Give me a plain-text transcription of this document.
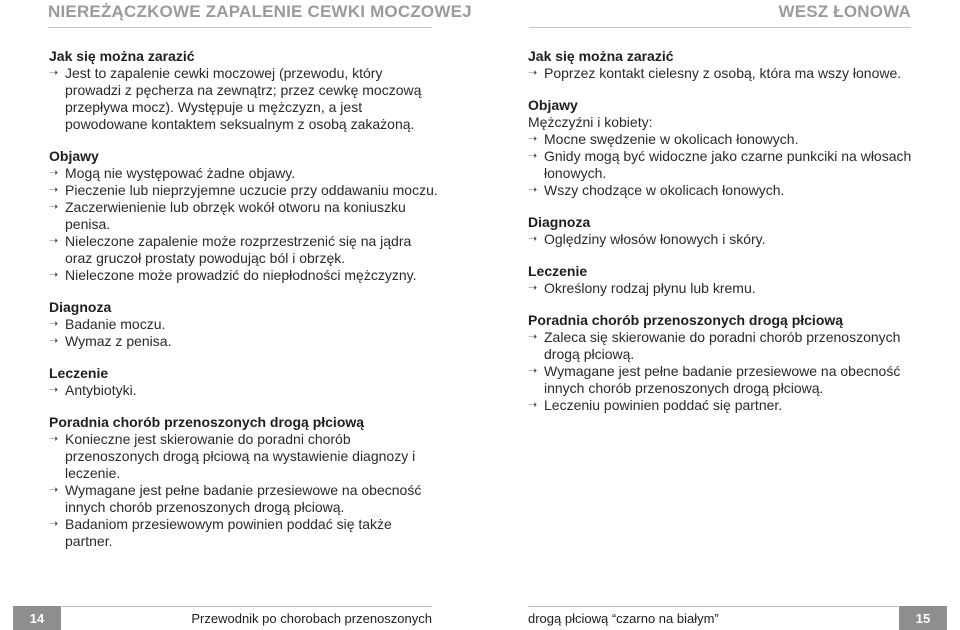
NIEREŻĄCZKOWE ZAPALENIE CEWKI MOCZOWEJ
Jak się można zarazić
➝ Jest to zapalenie cewki moczowej (przewodu, który prowadzi z pęcherza na zewnątrz; przez cewkę moczową przepływa mocz). Występuje u mężczyzn, a jest powodowane kontaktem seksualnym z osobą zakażoną.
Objawy
➝ Mogą nie występować żadne objawy.
➝ Pieczenie lub nieprzyjemne uczucie przy oddawaniu moczu.
➝ Zaczerwienienie lub obrzęk wokół otworu na koniuszku penisa.
➝ Nieleczone zapalenie może rozprzestrzenić się na jądra oraz gruczoł prostaty powodując ból i obrzęk.
➝ Nieleczone może prowadzić do niepłodności mężczyzny.
Diagnoza
➝ Badanie moczu.
➝ Wymaz z penisa.
Leczenie
➝ Antybiotyki.
Poradnia chorób przenoszonych drogą płciową
➝ Konieczne jest skierowanie do poradni chorób przenoszonych drogą płciową na wystawienie diagnozy i leczenie.
➝ Wymagane jest pełne badanie przesiewowe na obecność innych chorób przenoszonych drogą płciową.
➝ Badaniom przesiewowym powinien poddać się także partner.
14	Przewodnik po chorobach przenoszonych
WESZ ŁONOWA
Jak się można zarazić
➝ Poprzez kontakt cielesny z osobą, która ma wszy łonowe.
Objawy
Mężczyźni i kobiety:
➝ Mocne swędzenie w okolicach łonowych.
➝ Gnidy mogą być widoczne jako czarne punkciki na włosach łonowych.
➝ Wszy chodzące w okolicach łonowych.
Diagnoza
➝ Oględziny włosów łonowych i skóry.
Leczenie
➝ Określony rodzaj płynu lub kremu.
Poradnia chorób przenoszonych drogą płciową
➝ Zaleca się skierowanie do poradni chorób przenoszonych drogą płciową.
➝ Wymagane jest pełne badanie przesiewowe na obecność innych chorób przenoszonych drogą płciową.
➝ Leczeniu powinien poddać się partner.
15
drogą płciową “czarno na białym”
